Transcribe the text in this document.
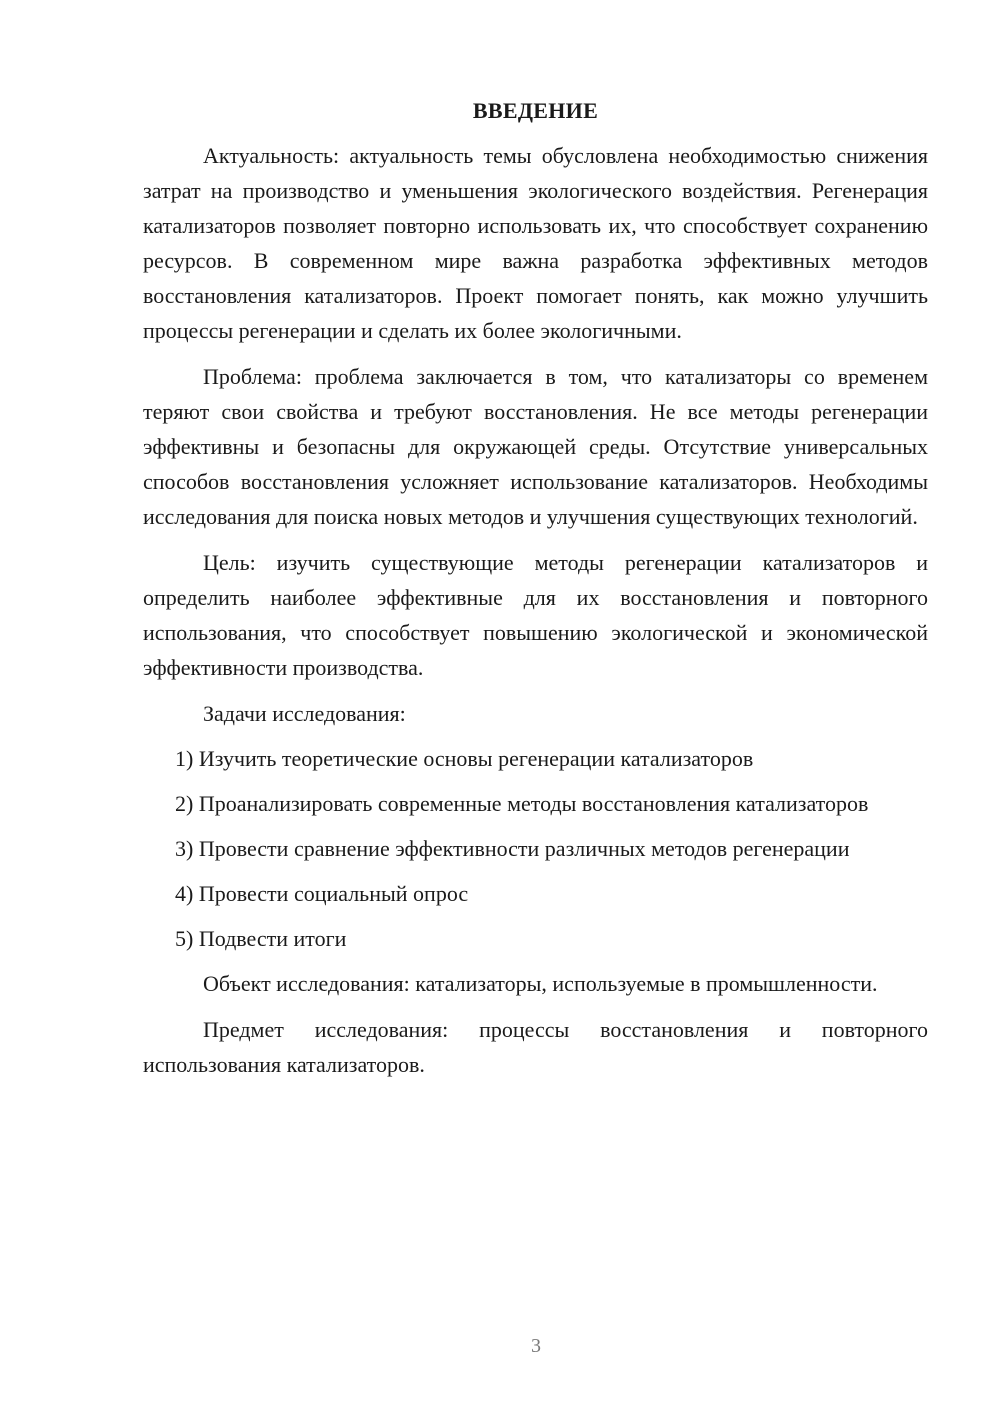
ВВЕДЕНИЕ

Актуальность: актуальность темы обусловлена необходимостью снижения затрат на производство и уменьшения экологического воздействия. Регенерация катализаторов позволяет повторно использовать их, что способствует сохранению ресурсов. В современном мире важна разработка эффективных методов восстановления катализаторов. Проект помогает понять, как можно улучшить процессы регенерации и сделать их более экологичными.

Проблема: проблема заключается в том, что катализаторы со временем теряют свои свойства и требуют восстановления. Не все методы регенерации эффективны и безопасны для окружающей среды. Отсутствие универсальных способов восстановления усложняет использование катализаторов. Необходимы исследования для поиска новых методов и улучшения существующих технологий.

Цель: изучить существующие методы регенерации катализаторов и определить наиболее эффективные для их восстановления и повторного использования, что способствует повышению экологической и экономической эффективности производства.

Задачи исследования:

1) Изучить теоретические основы регенерации катализаторов

2) Проанализировать современные методы восстановления катализаторов

3) Провести сравнение эффективности различных методов регенерации

4) Провести социальный опрос

5) Подвести итоги

Объект исследования: катализаторы, используемые в промышленности.

Предмет исследования: процессы восстановления и повторного использования катализаторов.

3
